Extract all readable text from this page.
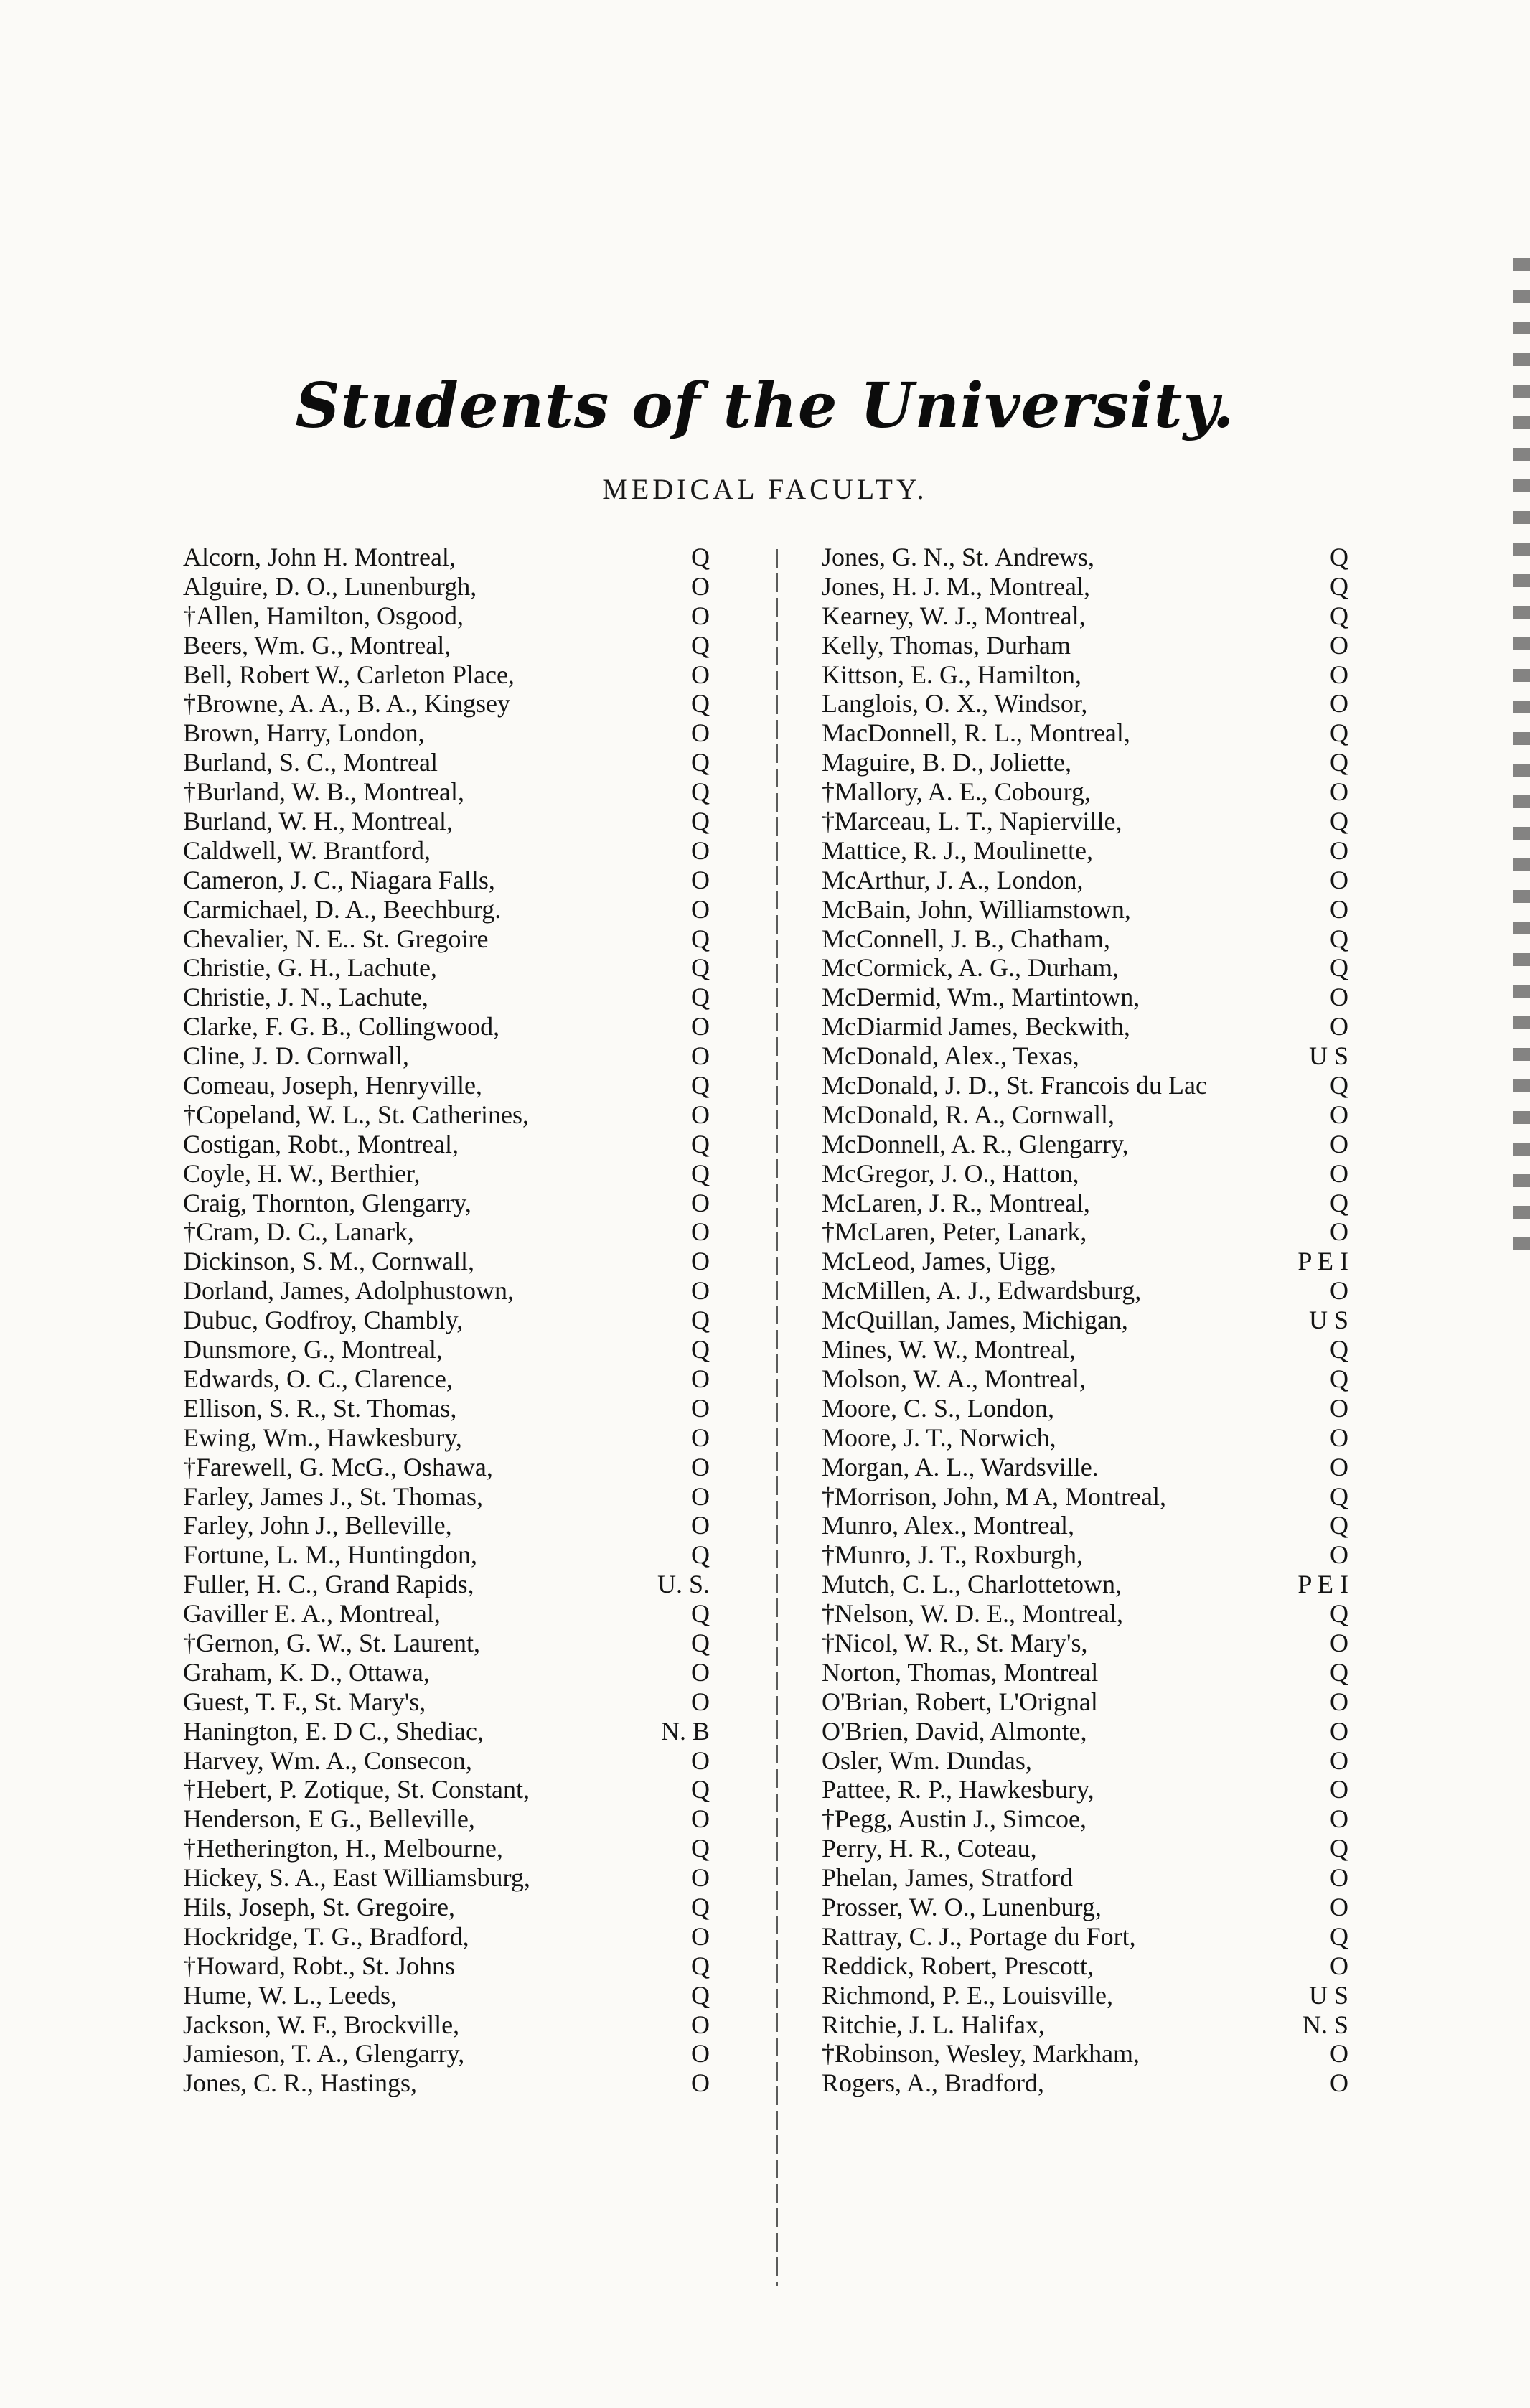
Students of the University.
MEDICAL FACULTY.
Alcorn, John H. Montreal,	Q
Alguire, D. O., Lunenburgh,	O
†Allen, Hamilton, Osgood,	O
Beers, Wm. G., Montreal,	Q
Bell, Robert W., Carleton Place,	O
†Browne, A. A., B. A., Kingsey	Q
Brown, Harry, London,	O
Burland, S. C., Montreal	Q
†Burland, W. B., Montreal,	Q
Burland, W. H., Montreal,	Q
Caldwell, W. Brantford,	O
Cameron, J. C., Niagara Falls,	O
Carmichael, D. A., Beechburg.	O
Chevalier, N. E.. St. Gregoire	Q
Christie, G. H., Lachute,	Q
Christie, J. N., Lachute,	Q
Clarke, F. G. B., Collingwood,	O
Cline, J. D. Cornwall,	O
Comeau, Joseph, Henryville,	Q
†Copeland, W. L., St. Catherines,	O
Costigan, Robt., Montreal,	Q
Coyle, H. W., Berthier,	Q
Craig, Thornton, Glengarry,	O
†Cram, D. C., Lanark,	O
Dickinson, S. M., Cornwall,	O
Dorland, James, Adolphustown,	O
Dubuc, Godfroy, Chambly,	Q
Dunsmore, G., Montreal,	Q
Edwards, O. C., Clarence,	O
Ellison, S. R., St. Thomas,	O
Ewing, Wm., Hawkesbury,	O
†Farewell, G. McG., Oshawa,	O
Farley, James J., St. Thomas,	O
Farley, John J., Belleville,	O
Fortune, L. M., Huntingdon,	Q
Fuller, H. C., Grand Rapids,	U. S.
Gaviller E. A., Montreal,	Q
†Gernon, G. W., St. Laurent,	Q
Graham, K. D., Ottawa,	O
Guest, T. F., St. Mary's,	O
Hanington, E. D C., Shediac,	N. B
Harvey, Wm. A., Consecon,	O
†Hebert, P. Zotique, St. Constant,	Q
Henderson, E G., Belleville,	O
†Hetherington, H., Melbourne,	Q
Hickey, S. A., East Williamsburg,	O
Hils, Joseph, St. Gregoire,	Q
Hockridge, T. G., Bradford,	O
†Howard, Robt., St. Johns	Q
Hume, W. L., Leeds,	Q
Jackson, W. F., Brockville,	O
Jamieson, T. A., Glengarry,	O
Jones, C. R., Hastings,	O
Jones, G. N., St. Andrews,	Q
Jones, H. J. M., Montreal,	Q
Kearney, W. J., Montreal,	Q
Kelly, Thomas, Durham	O
Kittson, E. G., Hamilton,	O
Langlois, O. X., Windsor,	O
MacDonnell, R. L., Montreal,	Q
Maguire, B. D., Joliette,	Q
†Mallory, A. E., Cobourg,	O
†Marceau, L. T., Napierville,	Q
Mattice, R. J., Moulinette,	O
McArthur, J. A., London,	O
McBain, John, Williamstown,	O
McConnell, J. B., Chatham,	Q
McCormick, A. G., Durham,	Q
McDermid, Wm., Martintown,	O
McDiarmid James, Beckwith,	O
McDonald, Alex., Texas,	U S
McDonald, J. D., St. Francois du Lac	Q
McDonald, R. A., Cornwall,	O
McDonnell, A. R., Glengarry,	O
McGregor, J. O., Hatton,	O
McLaren, J. R., Montreal,	Q
†McLaren, Peter, Lanark,	O
McLeod, James, Uigg,	P E I
McMillen, A. J., Edwardsburg,	O
McQuillan, James, Michigan,	U S
Mines, W. W., Montreal,	Q
Molson, W. A., Montreal,	Q
Moore, C. S., London,	O
Moore, J. T., Norwich,	O
Morgan, A. L., Wardsville.	O
†Morrison, John, M A, Montreal,	Q
Munro, Alex., Montreal,	Q
†Munro, J. T., Roxburgh,	O
Mutch, C. L., Charlottetown,	P E I
†Nelson, W. D. E., Montreal,	Q
†Nicol, W. R., St. Mary's,	O
Norton, Thomas, Montreal	Q
O'Brian, Robert, L'Orignal	O
O'Brien, David, Almonte,	O
Osler, Wm. Dundas,	O
Pattee, R. P., Hawkesbury,	O
†Pegg, Austin J., Simcoe,	O
Perry, H. R., Coteau,	Q
Phelan, James, Stratford	O
Prosser, W. O., Lunenburg,	O
Rattray, C. J., Portage du Fort,	Q
Reddick, Robert, Prescott,	O
Richmond, P. E., Louisville,	U S
Ritchie, J. L. Halifax,	N. S
†Robinson, Wesley, Markham,	O
Rogers, A., Bradford,	O
